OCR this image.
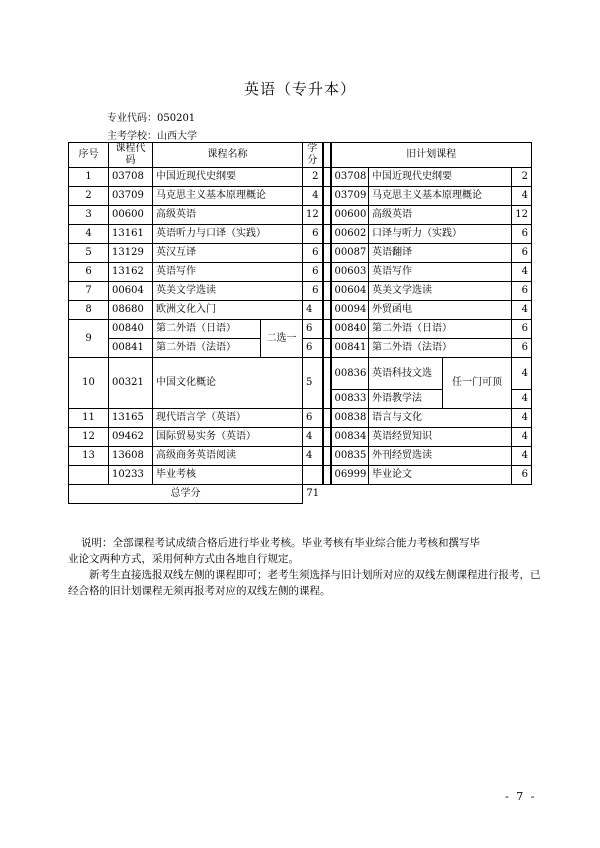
英语（专升本）
专业代码：050201
主考学校：山西大学
序号	课程代码	课程名称		学分		旧计划课程			
1	03708	中国近现代史纲要		2		03708	中国近现代史纲要		2
2	03709	马克思主义基本原理概论		4		03709	马克思主义基本原理概论		4
3	00600	高级英语		12		00600	高级英语		12
4	13161	英语听力与口译（实践）		6		00602	口译与听力（实践）		6
5	13129	英汉互译		6		00087	英语翻译		6
6	13162	英语写作		6		00603	英语写作		4
7	00604	英美文学选读		6		00604	英美文学选读		6
8	08680	欧洲文化入门		4		00094	外贸函电		4
9	00840	第二外语（日语）	二选一	6		00840	第二外语（日语）		6
	00841	第二外语（法语）		6		00841	第二外语（法语）		6
10	00321	中国文化概论		5		00836	英语科技文选	任一门可顶	4
						00833	外语教学法		4
11	13165	现代语言学（英语）		6		00838	语言与文化		4
12	09462	国际贸易实务（英语）		4		00834	英语经贸知识		4
13	13608	高级商务英语阅读		4		00835	外刊经贸选读		4
	10233	毕业考核				06999	毕业论文		6
总学分				71					

说明：全部课程考试成绩合格后进行毕业考核。毕业考核有毕业综合能力考核和撰写毕
业论文两种方式，采用何种方式由各地自行规定。

新考生直接选报双线左侧的课程即可；老考生须选择与旧计划所对应的双线左侧课程进行报考，已经合格的旧计划课程无须再报考对应的双线左侧的课程。

- 7 -
